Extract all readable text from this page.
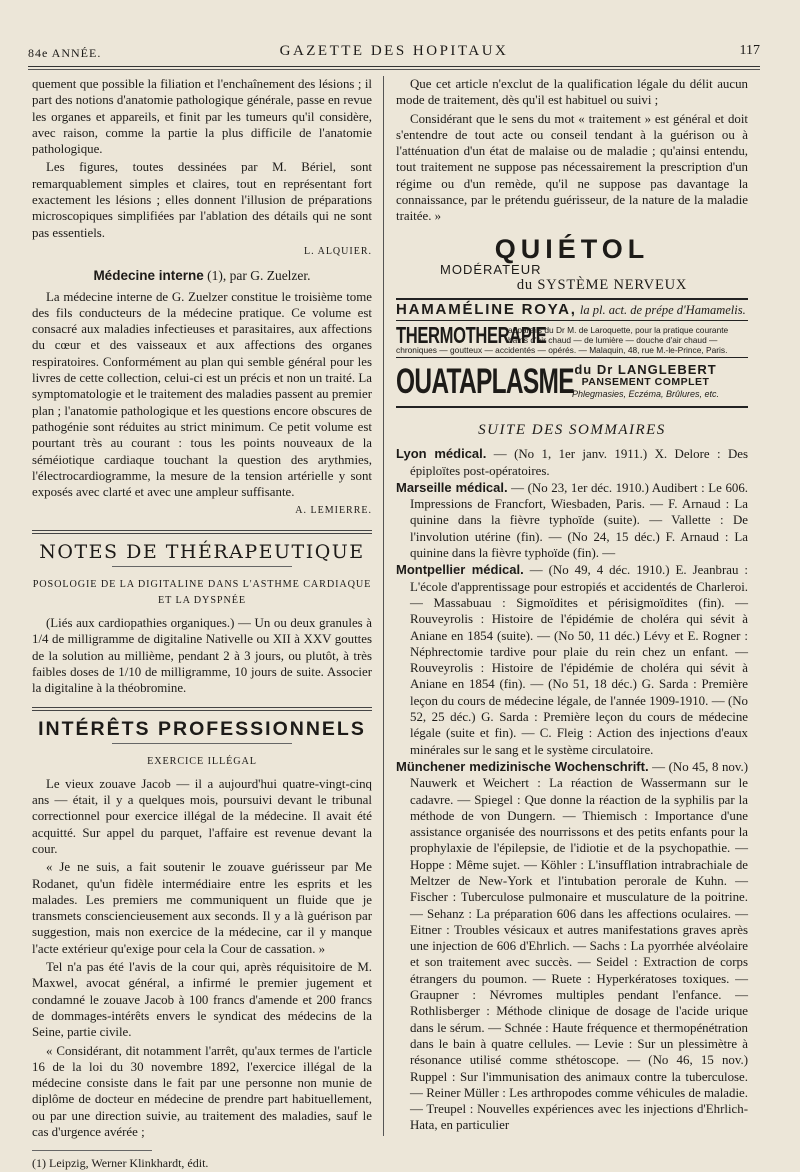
84e ANNÉE.	GAZETTE DES HOPITAUX	117

quement que possible la filiation et l'enchaînement des lésions ; il part des notions d'anatomie pathologique générale, passe en revue les organes et appareils, et finit par les tumeurs qu'il considère, avec raison, comme la partie la plus difficile de l'anatomie pathologique.

Les figures, toutes dessinées par M. Bériel, sont remarquablement simples et claires, tout en représentant fort exactement les lésions ; elles donnent l'illusion de préparations microscopiques simplifiées par l'ablation des détails qui ne sont pas essentiels.

L. ALQUIER.
Médecine interne (1), par G. Zuelzer.

La médecine interne de G. Zuelzer constitue le troisième tome des fils conducteurs de la médecine pratique. Ce volume est consacré aux maladies infectieuses et parasitaires, aux affections du cœur et des vaisseaux et aux affections des organes respiratoires. Conformément au plan qui semble général pour les livres de cette collection, celui-ci est un précis et non un traité. La symptomatologie et le traitement des maladies passent au premier plan ; l'anatomie pathologique et les questions encore obscures de pathogénie sont réduites au strict minimum. Ce petit volume est pourtant très au courant : tous les points nouveaux de la séméiotique cardiaque touchant la question des arythmies, l'électrocardiogramme, la mesure de la tension artérielle y sont exposés avec clarté et avec une ampleur suffisante.

A. LEMIERRE.
NOTES DE THÉRAPEUTIQUE
POSOLOGIE DE LA DIGITALINE DANS L'ASTHME CARDIAQUE ET LA DYSPNÉE

(Liés aux cardiopathies organiques.) — Un ou deux granules à 1/4 de milligramme de digitaline Nativelle ou XII à XXV gouttes de la solution au millième, pendant 2 à 3 jours, ou plutôt, à très faibles doses de 1/10 de milligramme, 10 jours de suite. Associer la digitaline à la théobromine.

INTÉRÊTS PROFESSIONNELS
EXERCICE ILLÉGAL

Le vieux zouave Jacob — il a aujourd'hui quatre-vingt-cinq ans — était, il y a quelques mois, poursuivi devant le tribunal correctionnel pour exercice illégal de la médecine. Il avait été acquitté. Sur appel du parquet, l'affaire est revenue devant la cour.

« Je ne suis, a fait soutenir le zouave guérisseur par Me Rodanet, qu'un fidèle intermédiaire entre les esprits et les malades. Les premiers me communiquent un fluide que je transmets consciencieusement aux seconds. Il y a là guérison par suggestion, mais non exercice de la médecine, car il y manque l'acte extérieur qu'exige pour cela la Cour de cassation. »

Tel n'a pas été l'avis de la cour qui, après réquisitoire de M. Maxwel, avocat général, a infirmé le premier jugement et condamné le zouave Jacob à 100 francs d'amende et 200 francs de dommages-intérêts envers le syndicat des médecins de la Seine, partie civile.

« Considérant, dit notamment l'arrêt, qu'aux termes de l'article 16 de la loi du 30 novembre 1892, l'exercice illégal de la médecine consiste dans le fait par une personne non munie de diplôme de docteur en médecine de prendre part habituellement, ou par une direction suivie, au traitement des maladies, sauf le cas d'urgence avérée ;

(1) Leipzig, Werner Klinkhardt, édit.

Que cet article n'exclut de la qualification légale du délit aucun mode de traitement, dès qu'il est habituel ou suivi ;

Considérant que le sens du mot « traitement » est général et doit s'entendre de tout acte ou conseil tendant à la guérison ou à l'atténuation d'un état de malaise ou de maladie ; qu'ainsi entendu, tout traitement ne suppose pas nécessairement la prescription d'un régime ou d'un remède, qu'il ne suppose pas davantage la connaissance, par le prétendu guérisseur, de la nature de la maladie traitée. »

QUIÉTOL
MODÉRATEUR
du SYSTÈME NERVEUX
HAMAMÉLINE ROYA, la pl. act. de prépe d'Hamamelis.
THERMOTHERAPIE
appareils du Dr M. de Laroquette, pour la pratique courante
bains d'air chaud — de lumière — douche d'air chaud —
chroniques — goutteux — accidentés — opérés. — Malaquin, 48, rue M.-le-Prince, Paris.
OUATAPLASME du Dr LANGLEBERT
PANSEMENT COMPLET
Phlegmasies, Eczéma, Brûlures, etc.
SUITE DES SOMMAIRES

Lyon médical. — (No 1, 1er janv. 1911.) X. Delore : Des épiploïtes post-opératoires.

Marseille médical. — (No 23, 1er déc. 1910.) Audibert : Le 606. Impressions de Francfort, Wiesbaden, Paris. — F. Arnaud : La quinine dans la fièvre typhoïde (suite). — Vallette : De l'involution utérine (fin). — (No 24, 15 déc.) F. Arnaud : La quinine dans la fièvre typhoïde (fin). —

Montpellier médical. — (No 49, 4 déc. 1910.) E. Jeanbrau : L'école d'apprentissage pour estropiés et accidentés de Charleroi. — Massabuau : Sigmoïdites et périsigmoïdites (fin). — Rouveyrolis : Histoire de l'épidémie de choléra qui sévit à Aniane en 1854 (suite). — (No 50, 11 déc.) Lévy et E. Rogner : Néphrectomie tardive pour plaie du rein chez un enfant. — Rouveyrolis : Histoire de l'épidémie de choléra qui sévit à Aniane en 1854 (fin). — (No 51, 18 déc.) G. Sarda : Première leçon du cours de médecine légale, de l'année 1909-1910. — (No 52, 25 déc.) G. Sarda : Première leçon du cours de médecine légale (suite et fin). — C. Fleig : Action des injections d'eaux minérales sur le sang et le système circulatoire.

Münchener medizinische Wochenschrift. — (No 45, 8 nov.) Nauwerk et Weichert : La réaction de Wassermann sur le cadavre. — Spiegel : Que donne la réaction de la syphilis par la méthode de von Dungern. — Thiemisch : Importance d'une assistance organisée des nourrissons et des petits enfants pour la prophylaxie de l'épilepsie, de l'idiotie et de la psychopathie. — Hoppe : Même sujet. — Köhler : L'insufflation intrabrachiale de Meltzer de New-York et l'intubation perorale de Kuhn. — Fischer : Tuberculose pulmonaire et musculature de la poitrine. — Sehanz : La préparation 606 dans les affections oculaires. — Eitner : Troubles vésicaux et autres manifestations graves après une injection de 606 d'Ehrlich. — Sachs : La pyorrhée alvéolaire et son traitement avec succès. — Seidel : Extraction de corps étrangers du poumon. — Ruete : Hyperkératoses toxiques. — Graupner : Névromes multiples pendant l'enfance. — Rothlisberger : Méthode clinique de dosage de l'acide urique dans le sérum. — Schnée : Haute fréquence et thermopénétration dans le bain à quatre cellules. — Levie : Sur un plessimètre à résonance utilisé comme sthétoscope. — (No 46, 15 nov.) Ruppel : Sur l'immunisation des animaux contre la tuberculose. — Reiner Müller : Les arthropodes comme véhicules de maladie. — Treupel : Nouvelles expériences avec les injections d'Ehrlich-Hata, en particulier
